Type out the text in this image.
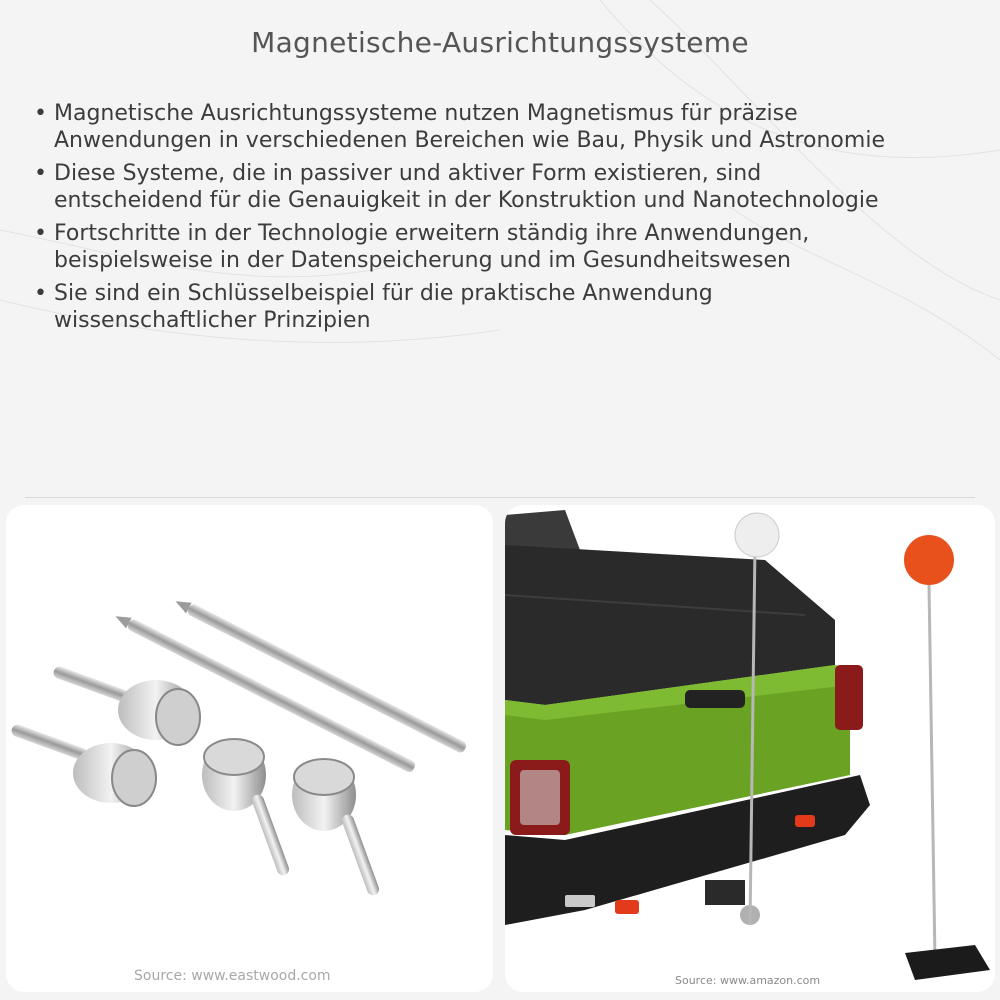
Magnetische-Ausrichtungssysteme
• Magnetische Ausrichtungssysteme nutzen Magnetismus für präzise Anwendungen in verschiedenen Bereichen wie Bau, Physik und Astronomie
• Diese Systeme, die in passiver und aktiver Form existieren, sind entscheidend für die Genauigkeit in der Konstruktion und Nanotechnologie
• Fortschritte in der Technologie erweitern ständig ihre Anwendungen, beispielsweise in der Datenspeicherung und im Gesundheitswesen
• Sie sind ein Schlüsselbeispiel für die praktische Anwendung wissenschaftlicher Prinzipien
Source: www.eastwood.com	Source: www.amazon.com
